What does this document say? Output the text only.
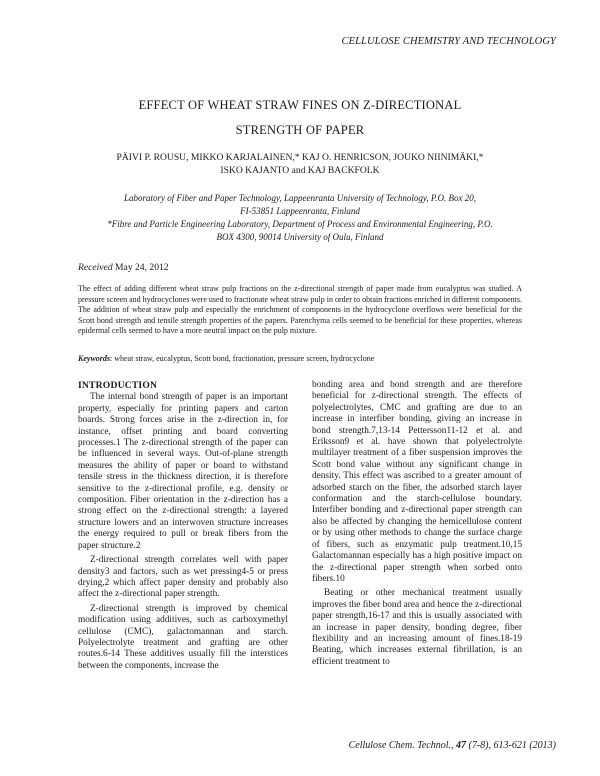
CELLULOSE CHEMISTRY AND TECHNOLOGY
EFFECT OF WHEAT STRAW FINES ON Z-DIRECTIONAL
STRENGTH OF PAPER
PÄIVI P. ROUSU, MIKKO KARJALAINEN,* KAJ O. HENRICSON, JOUKO NIINIMÄKI,*
ISKO KAJANTO and KAJ BACKFOLK
Laboratory of Fiber and Paper Technology, Lappeenranta University of Technology, P.O. Box 20,
FI-53851 Lappeenranta, Finland
*Fibre and Particle Engineering Laboratory, Department of Process and Environmental Engineering, P.O.
BOX 4300, 90014 University of Oulu, Finland
Received May 24, 2012
The effect of adding different wheat straw pulp fractions on the z-directional strength of paper made from eucalyptus was studied. A pressure screen and hydrocyclones were used to fractionate wheat straw pulp in order to obtain fractions enriched in different components. The addition of wheat straw pulp and especially the enrichment of components in the hydrocyclone overflows were beneficial for the Scott bond strength and tensile strength properties of the papers. Parenchyma cells seemed to be beneficial for these properties, whereas epidermal cells seemed to have a more neutral impact on the pulp mixture.
Keywords: wheat straw, eucalyptus, Scott bond, fractionation, pressure screen, hydrocyclone
INTRODUCTION

The internal bond strength of paper is an important property, especially for printing papers and carton boards. Strong forces arise in the z-direction in, for instance, offset printing and board converting processes.1 The z-directional strength of the paper can be influenced in several ways. Out-of-plane strength measures the ability of paper or board to withstand tensile stress in the thickness direction, it is therefore sensitive to the z-directional profile, e.g. density or composition. Fiber orientation in the z-direction has a strong effect on the z-directional strength: a layered structure lowers and an interwoven structure increases the energy required to pull or break fibers from the paper structure.2

Z-directional strength correlates well with paper density3 and factors, such as wet pressing4-5 or press drying,2 which affect paper density and probably also affect the z-directional paper strength.

Z-directional strength is improved by chemical modification using additives, such as carboxymethyl cellulose (CMC), galactomannan and starch. Polyelectrolyte treatment and grafting are other routes.6-14 These additives usually fill the interstices between the components, increase the

bonding area and bond strength and are therefore beneficial for z-directional strength. The effects of polyelectrolytes, CMC and grafting are due to an increase in interfiber bonding, giving an increase in bond strength.7,13-14 Pettersson11-12 et al. and Eriksson9 et al. have shown that polyelectrolyte multilayer treatment of a fiber suspension improves the Scott bond value without any significant change in density. This effect was ascribed to a greater amount of adsorbed starch on the fiber, the adsorbed starch layer conformation and the starch-cellulose boundary. Interfiber bonding and z-directional paper strength can also be affected by changing the hemicellulose content or by using other methods to change the surface charge of fibers, such as enzymatic pulp treatment.10,15 Galactomannan especially has a high positive impact on the z-directional paper strength when sorbed onto fibers.10

Beating or other mechanical treatment usually improves the fiber bond area and hence the z-directional paper strength,16-17 and this is usually associated with an increase in paper density, bonding degree, fiber flexibility and an increasing amount of fines.18-19 Beating, which increases external fibrillation, is an efficient treatment to

Cellulose Chem. Technol., 47 (7-8), 613-621 (2013)
